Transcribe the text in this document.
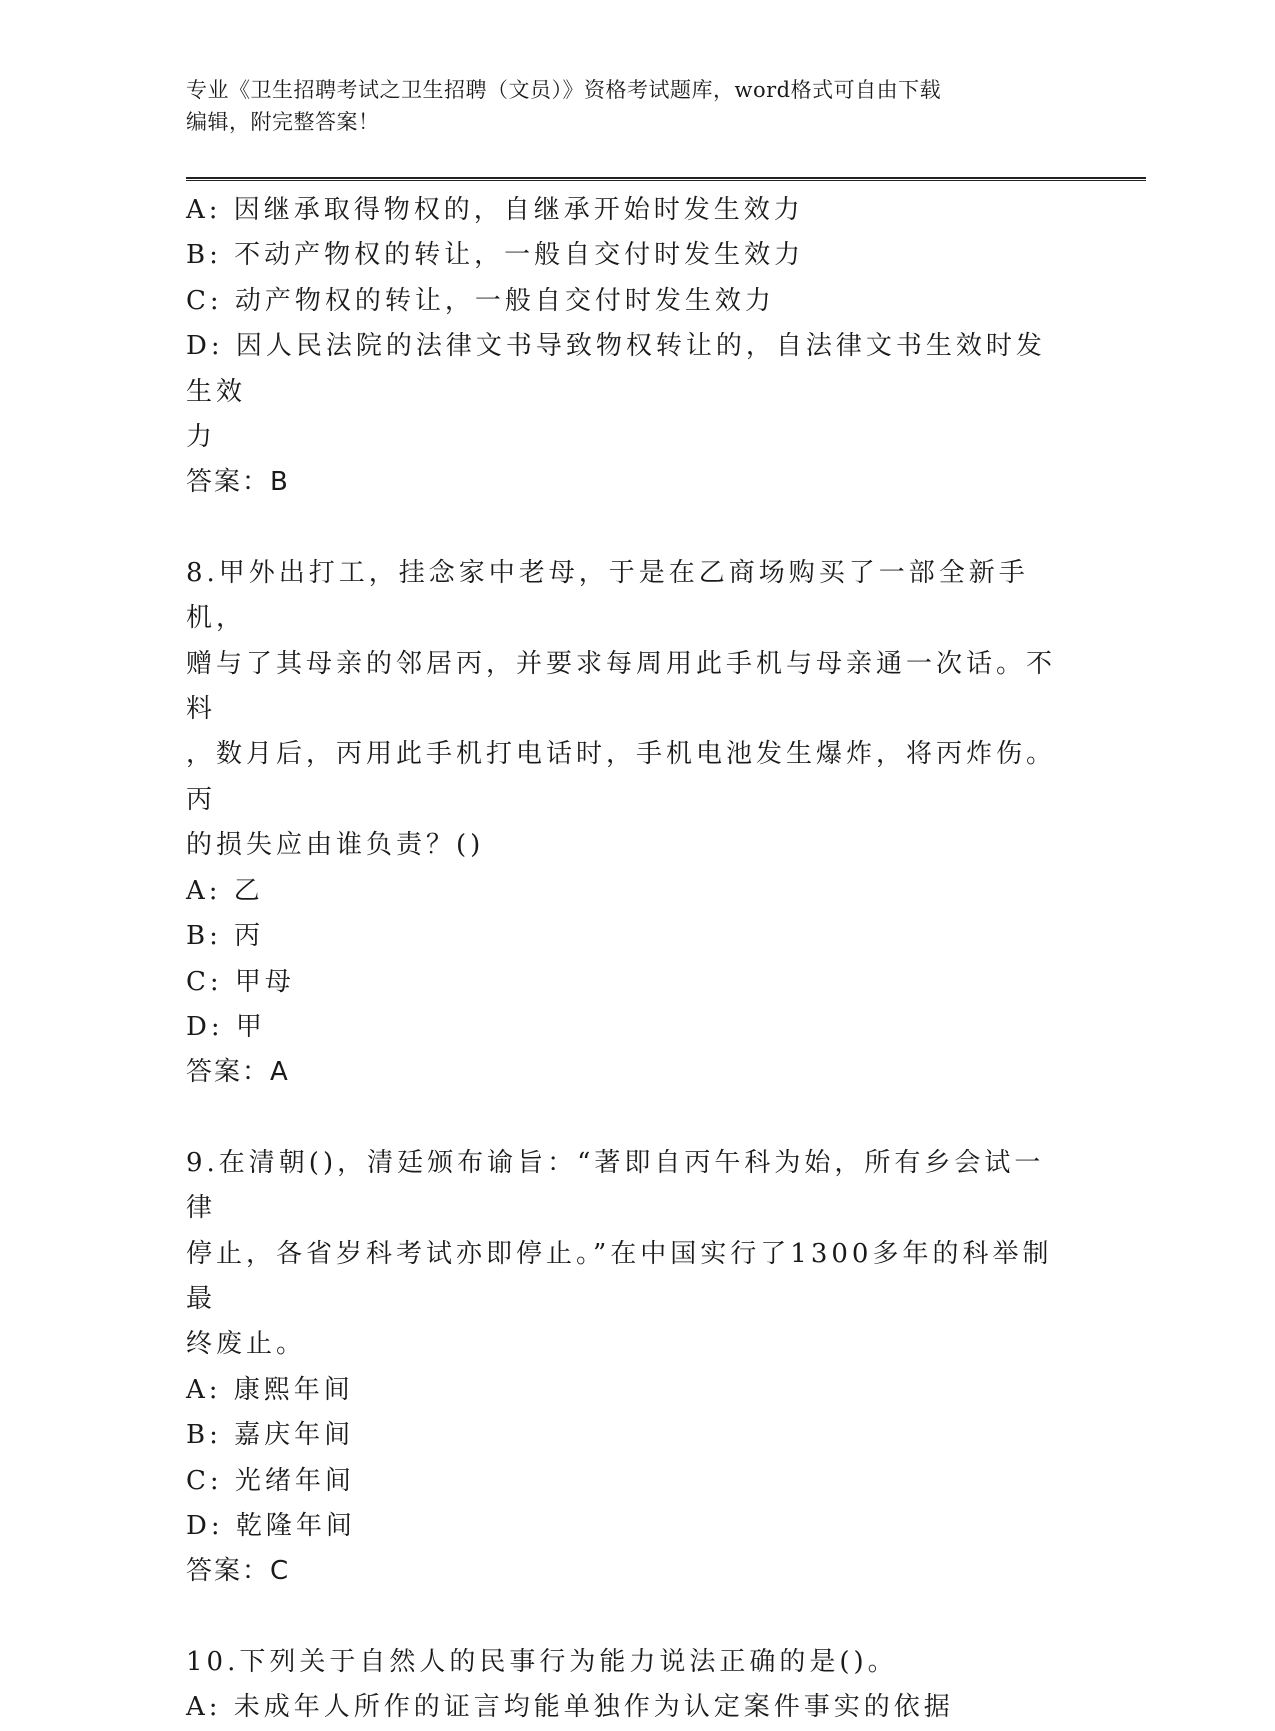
专业《卫生招聘考试之卫生招聘（文员）》资格考试题库，word格式可自由下载
编辑，附完整答案！
A: 因继承取得物权的，自继承开始时发生效力
B: 不动产物权的转让，一般自交付时发生效力
C: 动产物权的转让，一般自交付时发生效力
D: 因人民法院的法律文书导致物权转让的，自法律文书生效时发生效
力
答案：B
8.甲外出打工，挂念家中老母，于是在乙商场购买了一部全新手机，
赠与了其母亲的邻居丙，并要求每周用此手机与母亲通一次话。不料
，数月后，丙用此手机打电话时，手机电池发生爆炸，将丙炸伤。丙
的损失应由谁负责？()
A: 乙
B: 丙
C: 甲母
D: 甲
答案：A
9.在清朝()，清廷颁布谕旨：“著即自丙午科为始，所有乡会试一律
停止，各省岁科考试亦即停止。”在中国实行了1300多年的科举制最
终废止。
A: 康熙年间
B: 嘉庆年间
C: 光绪年间
D: 乾隆年间
答案：C
10.下列关于自然人的民事行为能力说法正确的是()。
A: 未成年人所作的证言均能单独作为认定案件事实的依据
